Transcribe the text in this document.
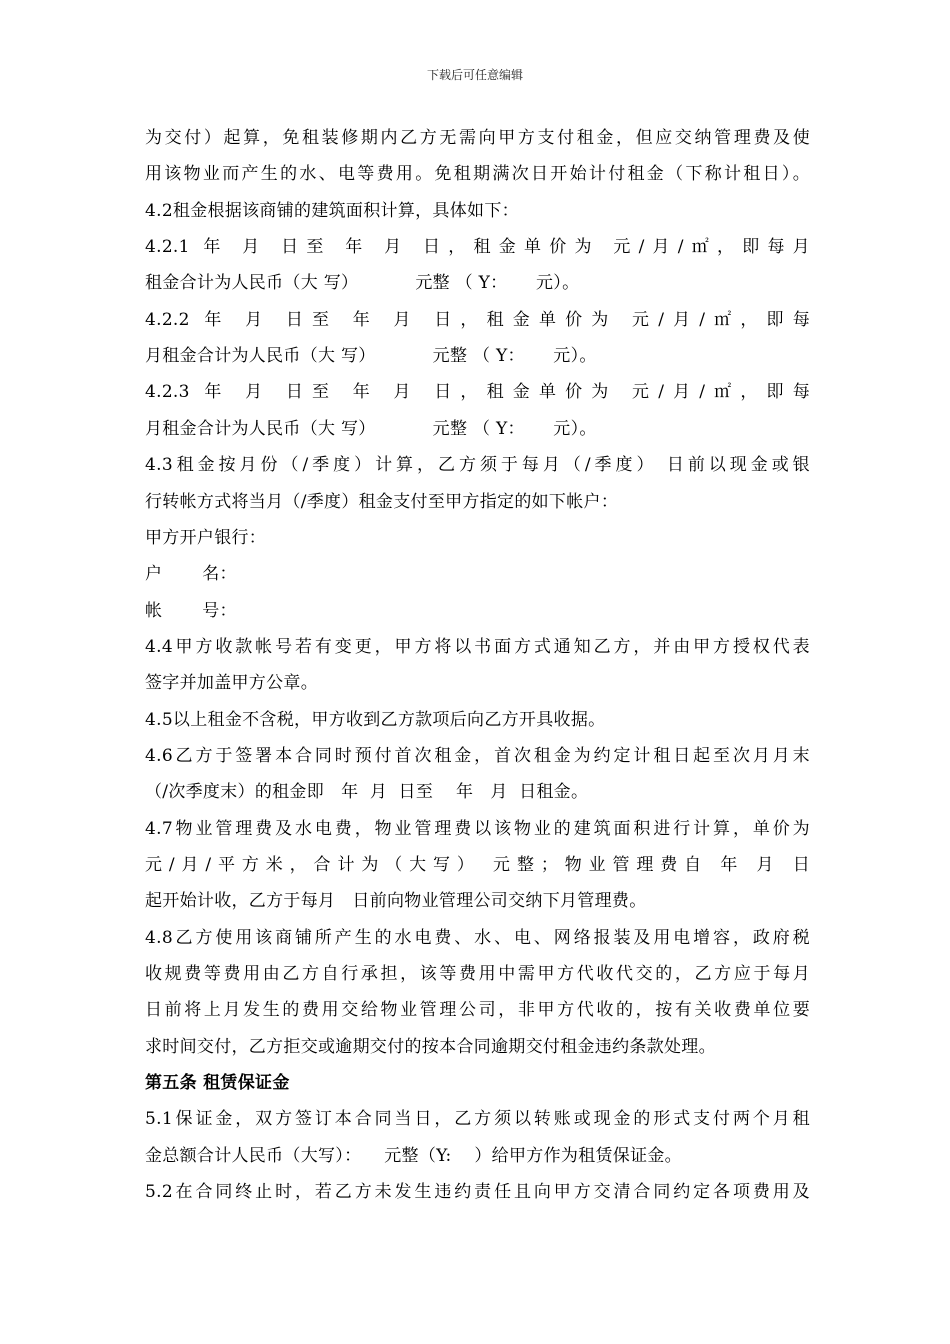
下载后可任意编辑
为交付）起算，免租装修期内乙方无需向甲方支付租金，但应交纳管理费及使
用该物业而产生的水、电等费用。免租期满次日开始计付租金（下称计租日）。
4.2租金根据该商铺的建筑面积计算，具体如下：
4.2.1 年 月 日至 年 月 日，租金单价为 元/月/㎡，即每月
租金合计为人民币（大 写）          元整 （ Y：     元）。
4.2.2 年 月 日至 年 月 日，租金单价为 元/月/㎡，即每
月租金合计为人民币（大 写）          元整 （ Y：     元）。
4.2.3 年 月 日至 年 月 日，租金单价为 元/月/㎡，即每
月租金合计为人民币（大 写）          元整 （ Y：     元）。
4.3租金按月份（/季度）计算，乙方须于每月（/季度） 日前以现金或银
行转帐方式将当月（/季度）租金支付至甲方指定的如下帐户：
甲方开户银行：
户       名：
帐       号：
4.4甲方收款帐号若有变更，甲方将以书面方式通知乙方，并由甲方授权代表
签字并加盖甲方公章。
4.5以上租金不含税，甲方收到乙方款项后向乙方开具收据。
4.6乙方于签署本合同时预付首次租金，首次租金为约定计租日起至次月月末
（/次季度末）的租金即   年  月  日至    年   月  日租金。
4.7物业管理费及水电费，物业管理费以该物业的建筑面积进行计算，单价为
元/月/平方米，合计为（大写） 元整；物业管理费自 年 月 日
起开始计收，乙方于每月   日前向物业管理公司交纳下月管理费。
4.8乙方使用该商铺所产生的水电费、水、电、网络报装及用电增容，政府税
收规费等费用由乙方自行承担，该等费用中需甲方代收代交的，乙方应于每月
日前将上月发生的费用交给物业管理公司，非甲方代收的，按有关收费单位要
求时间交付，乙方拒交或逾期交付的按本合同逾期交付租金违约条款处理。
第五条 租赁保证金
5.1保证金，双方签订本合同当日，乙方须以转账或现金的形式支付两个月租
金总额合计人民币（大写）：    元整（Y:    ）给甲方作为租赁保证金。
5.2在合同终止时，若乙方未发生违约责任且向甲方交清合同约定各项费用及
